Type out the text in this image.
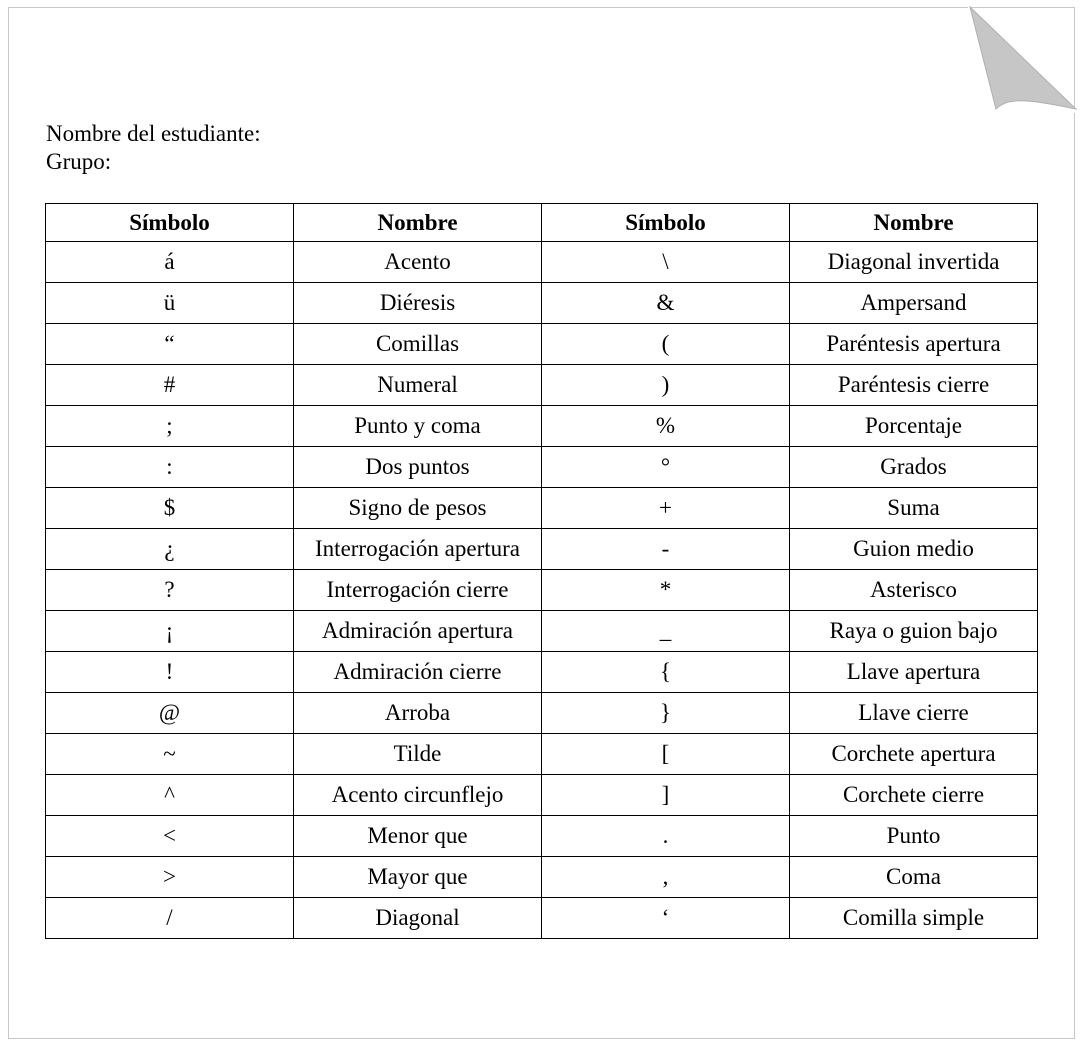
Nombre del estudiante:
Grupo:
Símbolo	Nombre	Símbolo	Nombre
á	Acento	\	Diagonal invertida
ü	Diéresis	&	Ampersand
“	Comillas	(	Paréntesis apertura
#	Numeral	)	Paréntesis cierre
;	Punto y coma	%	Porcentaje
:	Dos puntos	°	Grados
$	Signo de pesos	+	Suma
¿	Interrogación apertura	-	Guion medio
?	Interrogación cierre	*	Asterisco
¡	Admiración apertura	_	Raya o guion bajo
!	Admiración cierre	{	Llave apertura
@	Arroba	}	Llave cierre
~	Tilde	[	Corchete apertura
^	Acento circunflejo	]	Corchete cierre
<	Menor que	.	Punto
>	Mayor que	,	Coma
/	Diagonal	‘	Comilla simple
